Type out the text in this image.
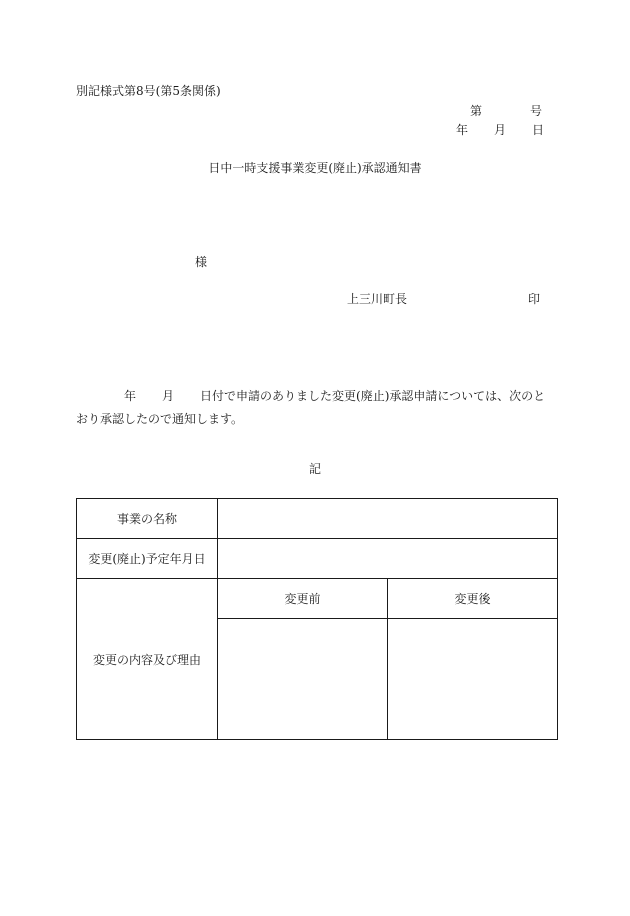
別記様式第8号(第5条関係)
第	号
年 月 日
日中一時支援事業変更(廃止)承認通知書
様
上三川町長	印
年 月 日付で申請のありました変更(廃止)承認申請については、次のとおり承認したので通知します。
記
事業の名称		
変更(廃止)予定年月日		
変更の内容及び理由	変更前	変更後
